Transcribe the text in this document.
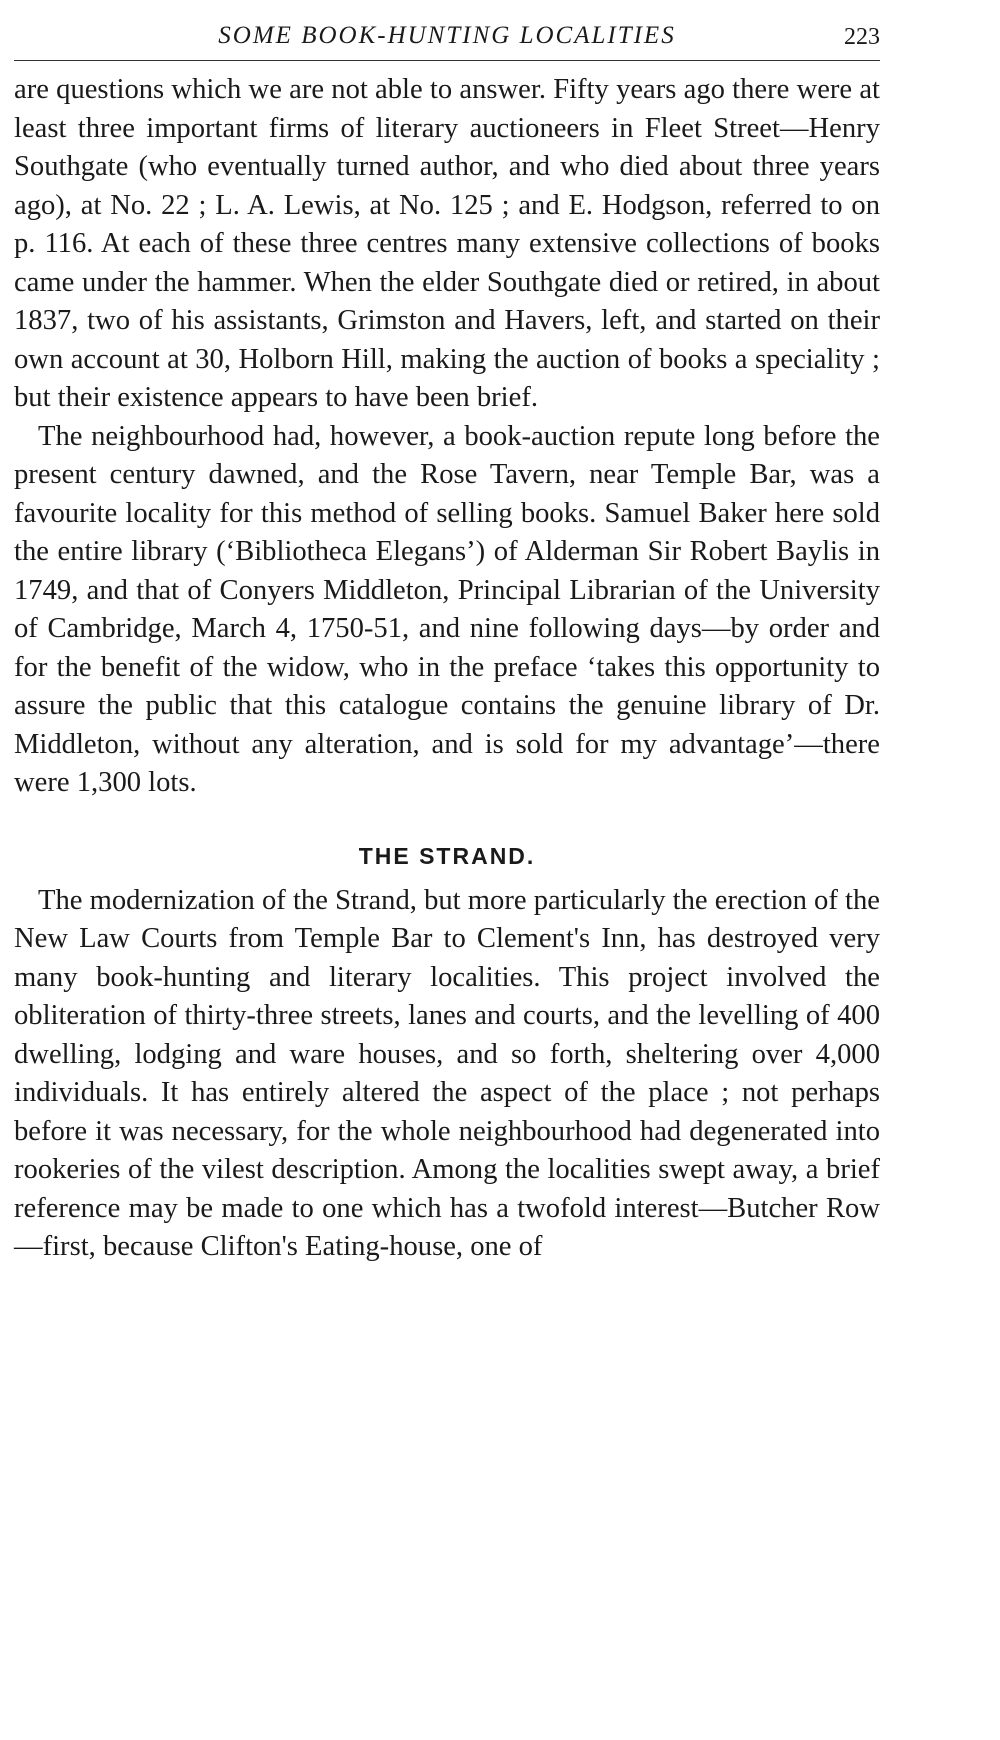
SOME BOOK-HUNTING LOCALITIES	223

are questions which we are not able to answer. Fifty years ago there were at least three important firms of literary auctioneers in Fleet Street—Henry Southgate (who eventually turned author, and who died about three years ago), at No. 22 ; L. A. Lewis, at No. 125 ; and E. Hodgson, referred to on p. 116. At each of these three centres many extensive collections of books came under the hammer. When the elder Southgate died or retired, in about 1837, two of his assistants, Grimston and Havers, left, and started on their own account at 30, Holborn Hill, making the auction of books a speciality ; but their existence appears to have been brief.

The neighbourhood had, however, a book-auction repute long before the present century dawned, and the Rose Tavern, near Temple Bar, was a favourite locality for this method of selling books. Samuel Baker here sold the entire library (‘Bibliotheca Elegans’) of Alderman Sir Robert Baylis in 1749, and that of Conyers Middleton, Principal Librarian of the University of Cambridge, March 4, 1750-51, and nine following days—by order and for the benefit of the widow, who in the preface ‘takes this opportunity to assure the public that this catalogue contains the genuine library of Dr. Middleton, without any alteration, and is sold for my advantage’—there were 1,300 lots.

THE STRAND.

The modernization of the Strand, but more particularly the erection of the New Law Courts from Temple Bar to Clement's Inn, has destroyed very many book-hunting and literary localities. This project involved the obliteration of thirty-three streets, lanes and courts, and the levelling of 400 dwelling, lodging and ware houses, and so forth, sheltering over 4,000 individuals. It has entirely altered the aspect of the place ; not perhaps before it was necessary, for the whole neighbourhood had degenerated into rookeries of the vilest description. Among the localities swept away, a brief reference may be made to one which has a twofold interest—Butcher Row—first, because Clifton's Eating-house, one of
